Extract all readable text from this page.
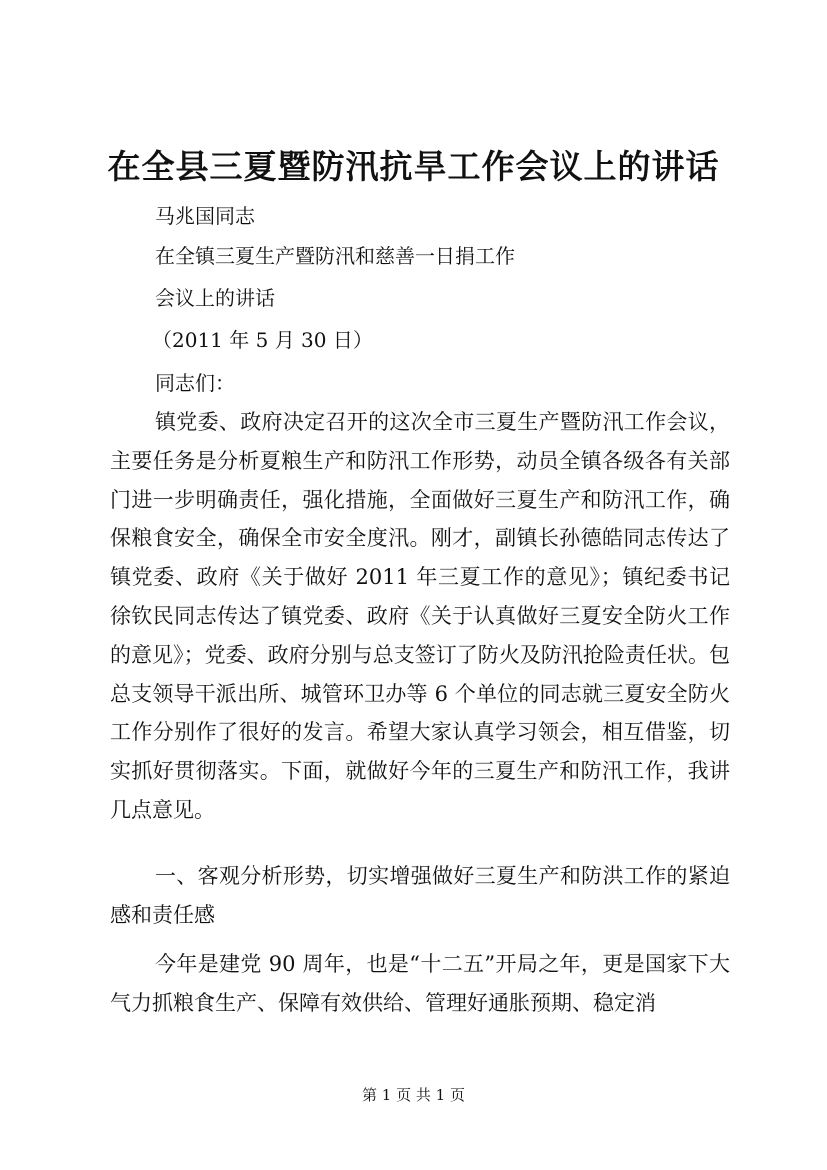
在全县三夏暨防汛抗旱工作会议上的讲话
马兆国同志
在全镇三夏生产暨防汛和慈善一日捐工作
会议上的讲话
（2011 年 5 月 30 日）
同志们：

镇党委、政府决定召开的这次全市三夏生产暨防汛工作会议，主要任务是分析夏粮生产和防汛工作形势，动员全镇各级各有关部门进一步明确责任，强化措施，全面做好三夏生产和防汛工作，确保粮食安全，确保全市安全度汛。刚才，副镇长孙德皓同志传达了镇党委、政府《关于做好 2011 年三夏工作的意见》；镇纪委书记徐钦民同志传达了镇党委、政府《关于认真做好三夏安全防火工作的意见》；党委、政府分别与总支签订了防火及防汛抢险责任状。包总支领导干派出所、城管环卫办等 6 个单位的同志就三夏安全防火工作分别作了很好的发言。希望大家认真学习领会，相互借鉴，切实抓好贯彻落实。下面，就做好今年的三夏生产和防汛工作，我讲几点意见。

一、客观分析形势，切实增强做好三夏生产和防洪工作的紧迫感和责任感

今年是建党 90 周年，也是“十二五”开局之年，更是国家下大气力抓粮食生产、保障有效供给、管理好通胀预期、稳定消

第 1 页 共 1 页
